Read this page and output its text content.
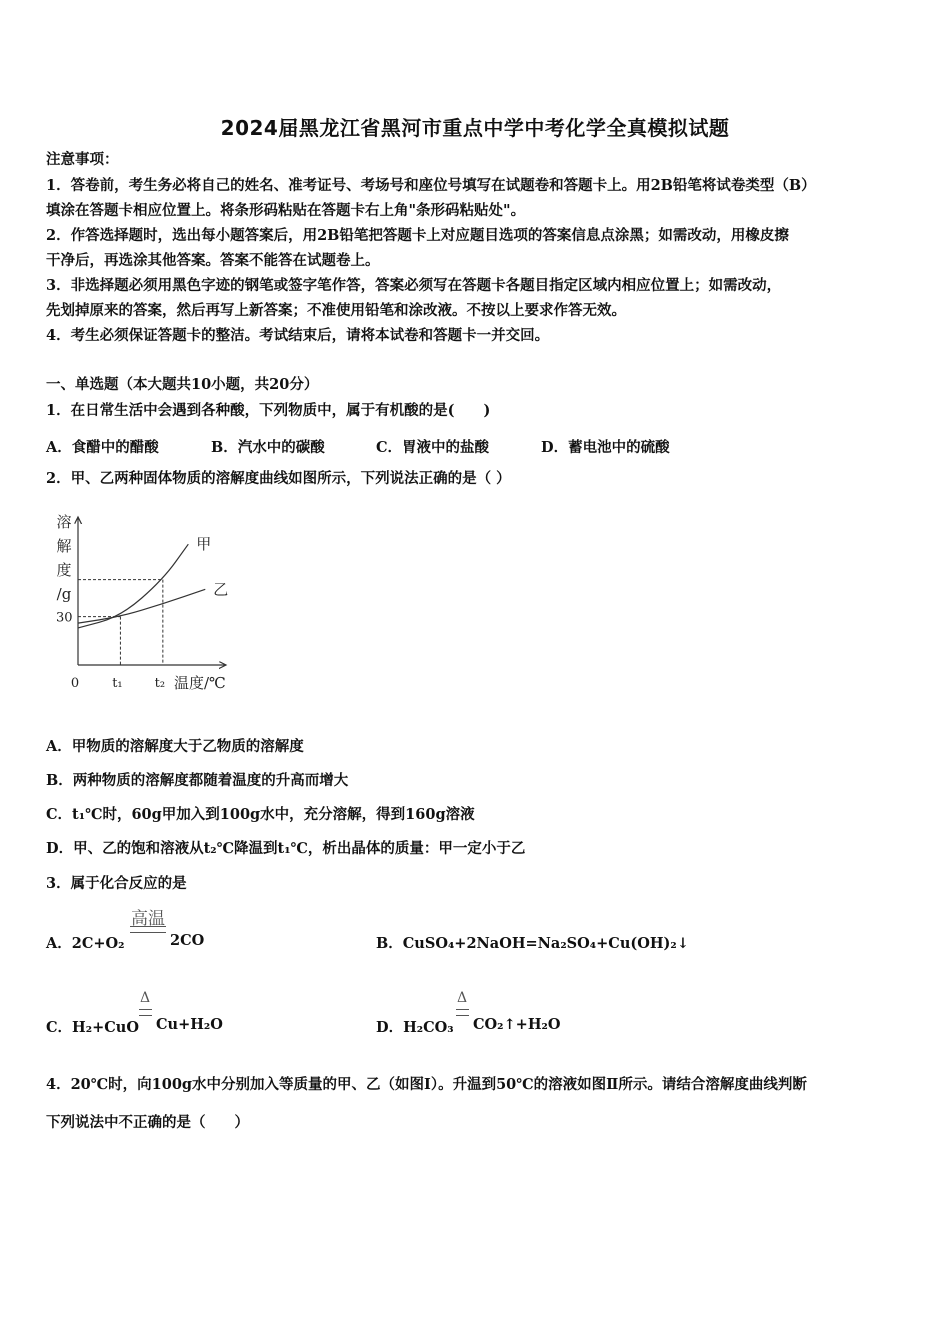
2024届黑龙江省黑河市重点中学中考化学全真模拟试题
注意事项：
1．答卷前，考生务必将自己的姓名、准考证号、考场号和座位号填写在试题卷和答题卡上。用2B铅笔将试卷类型（B）
填涂在答题卡相应位置上。将条形码粘贴在答题卡右上角"条形码粘贴处"。
2．作答选择题时，选出每小题答案后，用2B铅笔把答题卡上对应题目选项的答案信息点涂黑；如需改动，用橡皮擦
干净后，再选涂其他答案。答案不能答在试题卷上。
3．非选择题必须用黑色字迹的钢笔或签字笔作答，答案必须写在答题卡各题目指定区域内相应位置上；如需改动，
先划掉原来的答案，然后再写上新答案；不准使用铅笔和涂改液。不按以上要求作答无效。
4．考生必须保证答题卡的整洁。考试结束后，请将本试卷和答题卡一并交回。
一、单选题（本大题共10小题，共20分）
1．在日常生活中会遇到各种酸，下列物质中，属于有机酸的是(　　)
A．食醋中的醋酸	B．汽水中的碳酸	C．胃液中的盐酸	D．蓄电池中的硫酸
2．甲、乙两种固体物质的溶解度曲线如图所示，下列说法正确的是（ ）
甲
乙
30
0	t₁ t₂ 温度/℃
溶
解
度
/g
A．甲物质的溶解度大于乙物质的溶解度
B．两种物质的溶解度都随着温度的升高而增大
C．t₁℃时，60g甲加入到100g水中，充分溶解，得到160g溶液
D．甲、乙的饱和溶液从t₂℃降温到t₁℃，析出晶体的质量：甲一定小于乙
3．属于化合反应的是
A．2C+O₂
高温
2CO	B．CuSO₄+2NaOH=Na₂SO₄+Cu(OH)₂↓
C．H₂+CuO
Δ
Cu+H₂O	D．H₂CO₃
Δ
CO₂↑+H₂O
4．20℃时，向100g水中分别加入等质量的甲、乙（如图Ⅰ）。升温到50℃的溶液如图Ⅱ所示。请结合溶解度曲线判断
下列说法中不正确的是（　　）
